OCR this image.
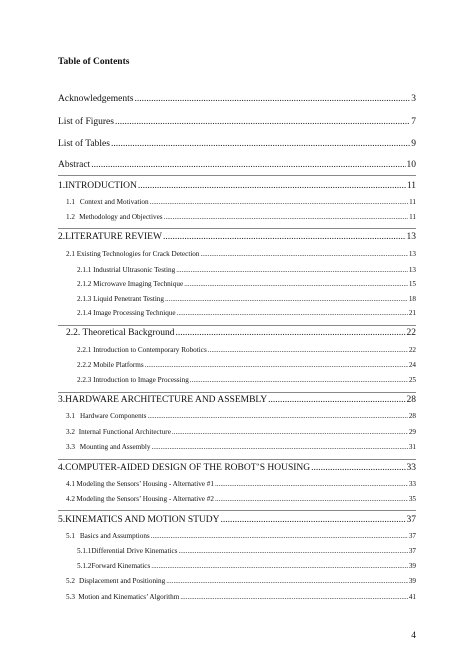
Table of Contents
Acknowledgements .....	3
List of Figures .....	7
List of Tables .....	9
Abstract .....	10
1. INTRODUCTION .....	11
1.1 Context and Motivation .....	11
1.2 Methodology and Objectives .....	11
2. LITERATURE REVIEW .....	13
2.1 Existing Technologies for Crack Detection .....	13
2.1.1 Industrial Ultrasonic Testing .....	13
2.1.2 Microwave Imaging Technique .....	15
2.1.3 Liquid Penetrant Testing .....	18
2.1.4 Image Processing Technique .....	21
2.2. Theoretical Background .....	22
2.2.1 Introduction to Contemporary Robotics .....	22
2.2.2 Mobile Platforms .....	24
2.2.3 Introduction to Image Processing .....	25
3. HARDWARE ARCHITECTURE AND ASSEMBLY .....	28
3.1 Hardware Components .....	28
3.2 Internal Functional Architecture .....	29
3.3 Mounting and Assembly .....	31
4. COMPUTER-AIDED DESIGN OF THE ROBOT’S HOUSING .....	33
4.1 Modeling the Sensors’ Housing - Alternative #1 .....	33
4.2 Modeling the Sensors’ Housing - Alternative #2 .....	35
5. KINEMATICS AND MOTION STUDY .....	37
5.1 Basics and Assumptions .....	37
5.1.1 Differential Drive Kinematics .....	37
5.1.2 Forward Kinematics .....	39
5.2 Displacement and Positioning .....	39
5.3 Motion and Kinematics’ Algorithm .....	41
4
